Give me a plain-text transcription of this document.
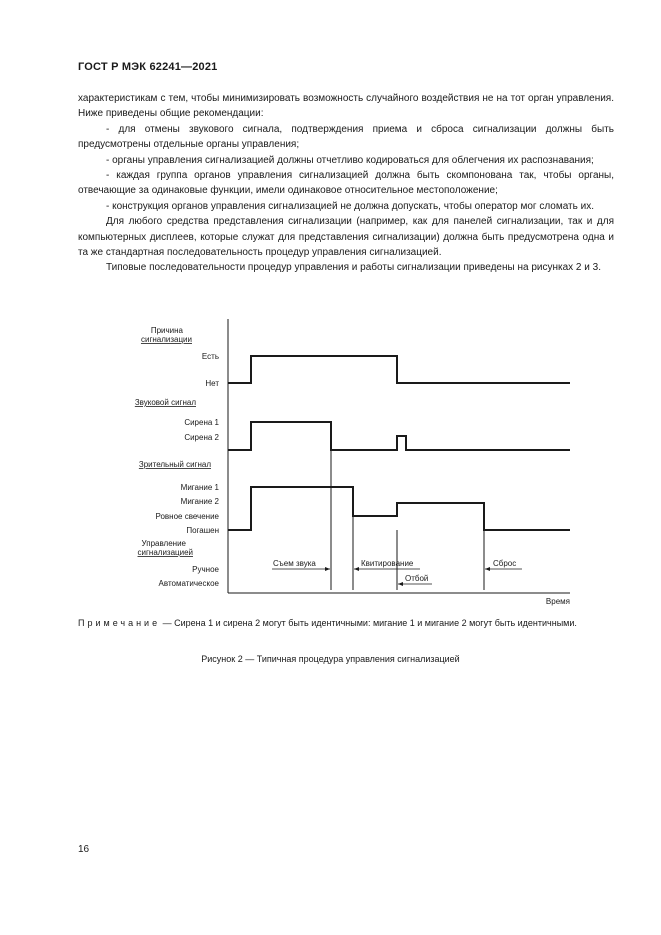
ГОСТ Р МЭК 62241—2021

характеристикам с тем, чтобы минимизировать возможность случайного воздействия не на тот орган управления. Ниже приведены общие рекомендации:

- для отмены звукового сигнала, подтверждения приема и сброса сигнализации должны быть предусмотрены отдельные органы управления;

- органы управления сигнализацией должны отчетливо кодироваться для облегчения их распознавания;

- каждая группа органов управления сигнализацией должна быть скомпонована так, чтобы органы, отвечающие за одинаковые функции, имели одинаковое относительное местоположение;

- конструкция органов управления сигнализацией не должна допускать, чтобы оператор мог сломать их.

Для любого средства представления сигнализации (например, как для панелей сигнализации, так и для компьютерных дисплеев, которые служат для представления сигнализации) должна быть предусмотрена одна и та же стандартная последовательность процедур управления сигнализацией.

Типовые последовательности процедур управления и работы сигнализации приведены на рисунках 2 и 3.

Причина
сигнализации
Есть
Нет
Звуковой сигнал
Сирена 1
Сирена 2
Зрительный сигнал
Мигание 1
Мигание 2
Ровное свечение
Погашен
Управление
сигнализацией
Ручное
Автоматическое
Съем звука	Квитирование	Сброс
Отбой
Время
Примечание — Сирена 1 и сирена 2 могут быть идентичными: мигание 1 и мигание 2 могут быть идентичными.
Рисунок 2 — Типичная процедура управления сигнализацией
16
